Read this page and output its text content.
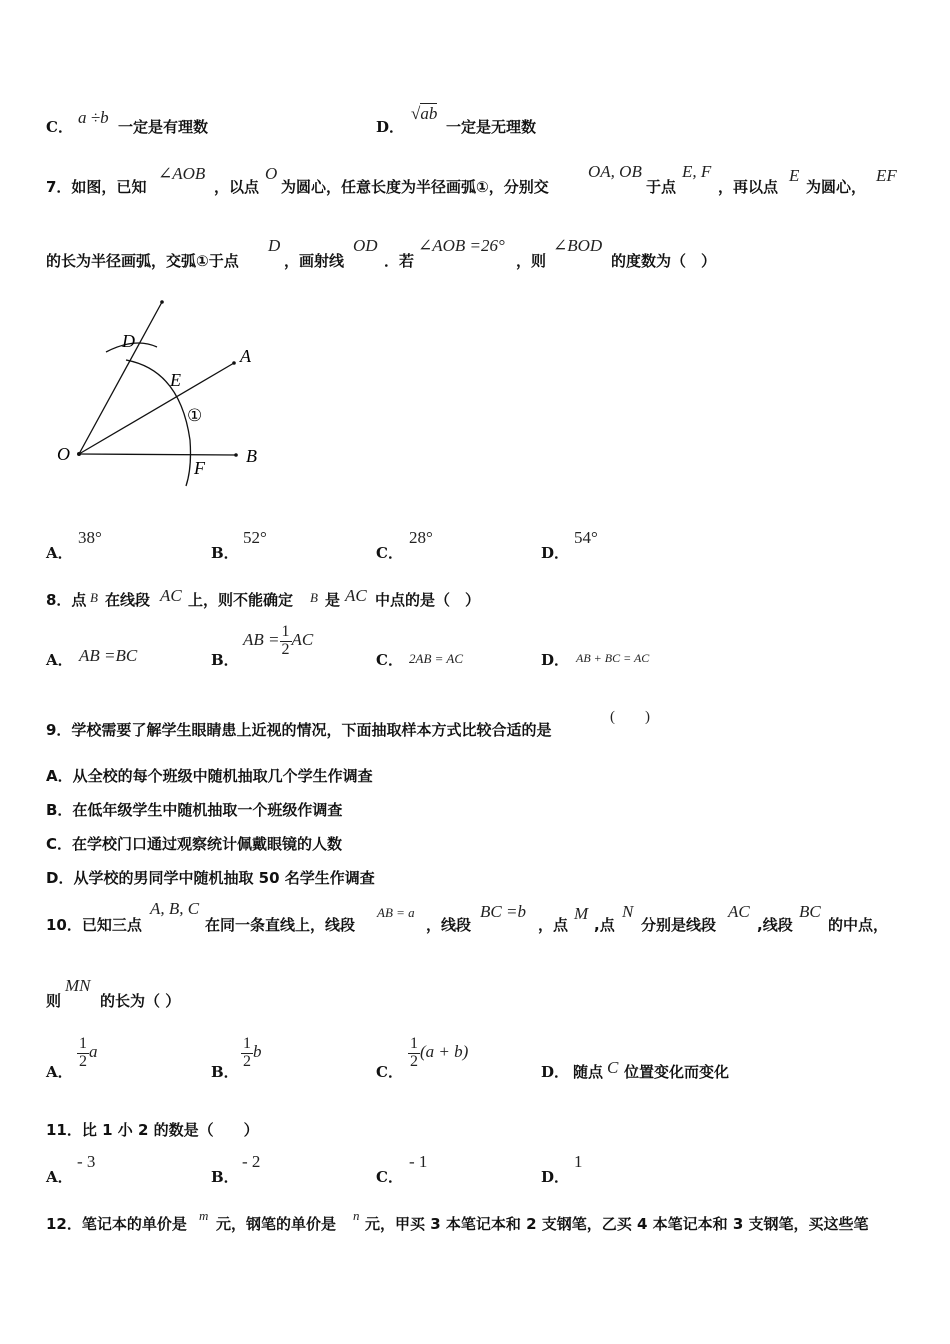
C． a ÷b 一定是有理数	D．
√ab
一定是无理数
7．如图，已知
∠AOB
，以点
O
为圆心，任意长度为半径画弧①，分别交
OA, OB
于点
E, F
，再以点
E
为圆心，
EF
的长为半径画弧，交弧①于点
D
，画射线
OD
．若
∠AOB =26°
，则
∠BOD
的度数为（　）
D
A
E
①
O	B
F
A．
38°
B．
52°
C．
28°
D．
54°
8．点 B 在线段 AC 上，则不能确定 B 是 AC 中点的是（　）
A． AB =BC	B．
AB = $\frac{1}{2}$ AC
C． 2AB = AC	D． AB + BC = AC
9．学校需要了解学生眼睛患上近视的情况，下面抽取样本方式比较合适的是
(　　)
A．从全校的每个班级中随机抽取几个学生作调查
B．在低年级学生中随机抽取一个班级作调查
C．在学校门口通过观察统计佩戴眼镜的人数
D．从学校的男同学中随机抽取 50 名学生作调查
10．已知三点
A, B, C
在同一条直线上，线段
AB = a
，线段
BC =b
，点
M
,点
N
分别是线段
AC
,线段
BC
的中点，
则
MN
的长为（ ）
A．
$\frac{1}{2}$ a
B．
$\frac{1}{2}$ b
C．
$\frac{1}{2} (a + b)$
D． 随点 C 位置变化而变化
11．比 1 小 2 的数是（　　）
A．
- 3
B．
- 2
C．
- 1
D．
1
12．笔记本的单价是 m 元，钢笔的单价是 n 元，甲买 3 本笔记本和 2 支钢笔，乙买 4 本笔记本和 3 支钢笔，买这些笔
